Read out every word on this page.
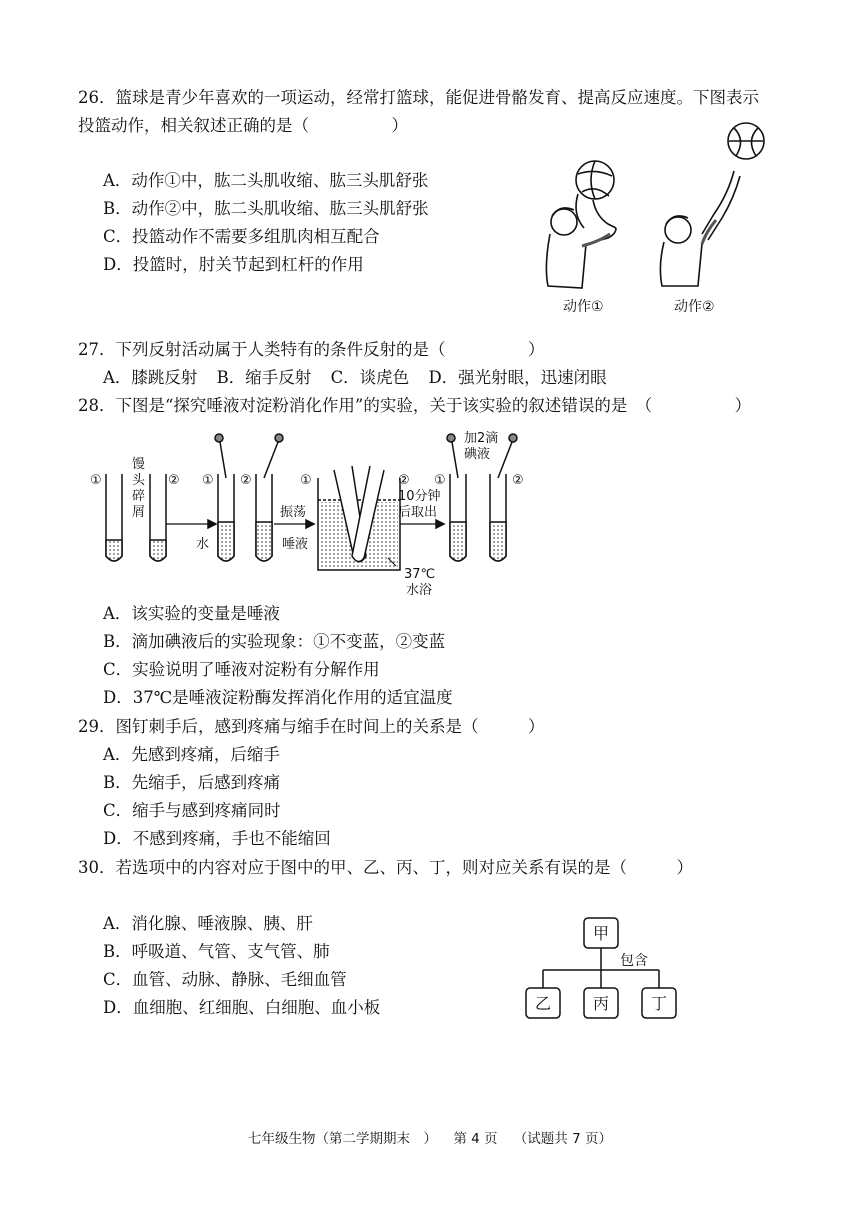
26．篮球是青少年喜欢的一项运动，经常打篮球，能促进骨骼发育、提高反应速度。下图表示
投篮动作，相关叙述正确的是（　　　　　）
A．动作①中，肱二头肌收缩、肱三头肌舒张
B．动作②中，肱二头肌收缩、肱三头肌舒张
C．投篮动作不需要多组肌肉相互配合
D．投篮时，肘关节起到杠杆的作用
动作①	动作②
27．下列反射活动属于人类特有的条件反射的是（　　　　　）
A．膝跳反射 B．缩手反射 C．谈虎色 D．强光射眼，迅速闭眼
28．下图是“探究唾液对淀粉消化作用”的实验，关于该实验的叙述错误的是　（　　　　　）
①	②
馒
头
碎
屑
① ②
水
振荡
唾液
①	②
10分钟
后取出
37℃
水浴
①	②
加2滴
碘液
A．该实验的变量是唾液
B．滴加碘液后的实验现象：①不变蓝，②变蓝
C．实验说明了唾液对淀粉有分解作用
D．37℃是唾液淀粉酶发挥消化作用的适宜温度
29．图钉刺手后，感到疼痛与缩手在时间上的关系是（　　　）
A．先感到疼痛，后缩手
B．先缩手，后感到疼痛
C．缩手与感到疼痛同时
D．不感到疼痛，手也不能缩回
30．若选项中的内容对应于图中的甲、乙、丙、丁，则对应关系有误的是（　　　）
A．消化腺、唾液腺、胰、肝
B．呼吸道、气管、支气管、肺
C．血管、动脉、静脉、毛细血管
D．血细胞、红细胞、白细胞、血小板
甲
乙	丙	丁
包含
七年级生物（第二学期期末　） 第 4 页 （试题共 7 页）
